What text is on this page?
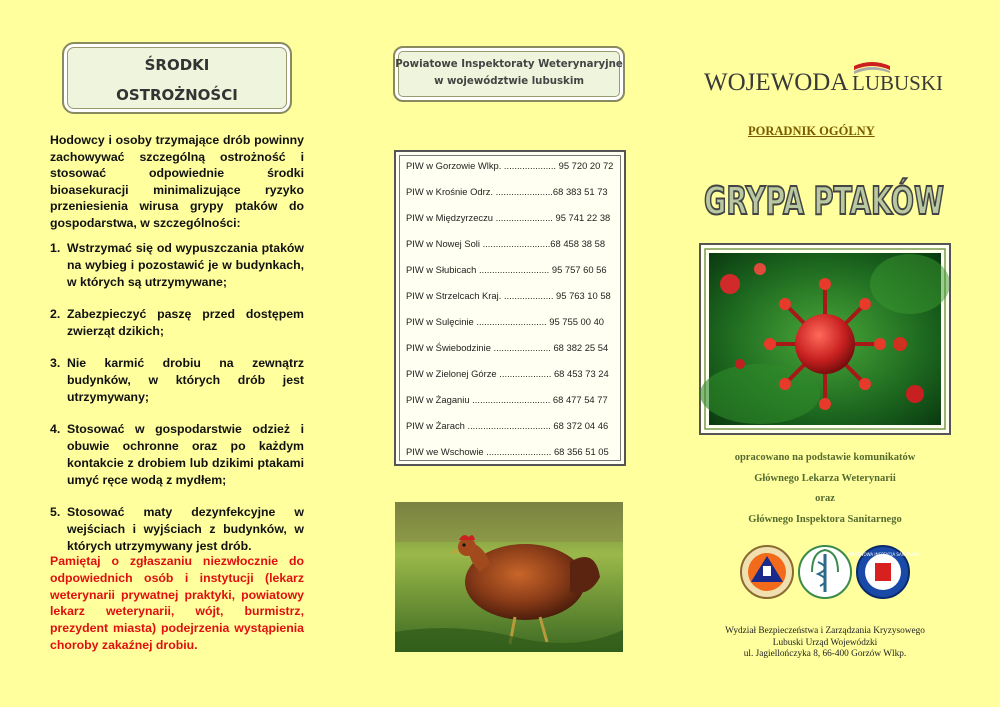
ŚRODKI
OSTROŻNOŚCI
Hodowcy i osoby trzymające drób powinny zachowywać szczególną ostrożność i stosować odpowiednie środki bioasekuracji minimalizujące ryzyko przeniesienia wirusa grypy ptaków do gospodarstwa, w szczególności:
1. Wstrzymać się od wypuszczania ptaków na wybieg i pozostawić je w budynkach, w których są utrzymywane;
2. Zabezpieczyć paszę przed dostępem zwierząt dzikich;
3. Nie karmić drobiu na zewnątrz budynków, w których drób jest utrzymywany;
4. Stosować w gospodarstwie odzież i obuwie ochronne oraz po każdym kontakcie z drobiem lub dzikimi ptakami umyć ręce wodą z mydłem;
5. Stosować maty dezynfekcyjne w wejściach i wyjściach z budynków, w których utrzymywany jest drób.
Pamiętaj o zgłaszaniu niezwłocznie do odpowiednich osób i instytucji (lekarz weterynarii prywatnej praktyki, powiatowy lekarz weterynarii, wójt, burmistrz, prezydent miasta) podejrzenia wystąpienia choroby zakaźnej drobiu.
Powiatowe Inspektoraty Weterynaryjne
w województwie lubuskim
PIW w Gorzowie Wlkp. .................... 95 720 20 72
PIW w Krośnie Odrz. ......................68 383 51 73
PIW w Międzyrzeczu ...................... 95 741 22 38
PIW w Nowej Soli ..........................68 458 38 58
PIW w Słubicach ........................... 95 757 60 56
PIW w Strzelcach Kraj. ................... 95 763 10 58
PIW w Sulęcinie ........................... 95 755 00 40
PIW w Świebodzinie ...................... 68 382 25 54
PIW w Zielonej Górze .................... 68 453 73 24
PIW w Żaganiu .............................. 68 477 54 77
PIW w Żarach ................................ 68 372 04 46
PIW we Wschowie ......................... 68 356 51 05
WOJEWODA LUBUSKI
PORADNIK OGÓLNY
GRYPA PTAKÓW
opracowano na podstawie komunikatów
Głównego Lekarza Weterynarii
oraz
Głównego Inspektora Sanitarnego
PAŃSTWOWA INSPEKCJA SANITARNA
Wydział Bezpieczeństwa i Zarządzania Kryzysowego
Lubuski Urząd Wojewódzki
ul. Jagiellończyka 8, 66-400 Gorzów Wlkp.
